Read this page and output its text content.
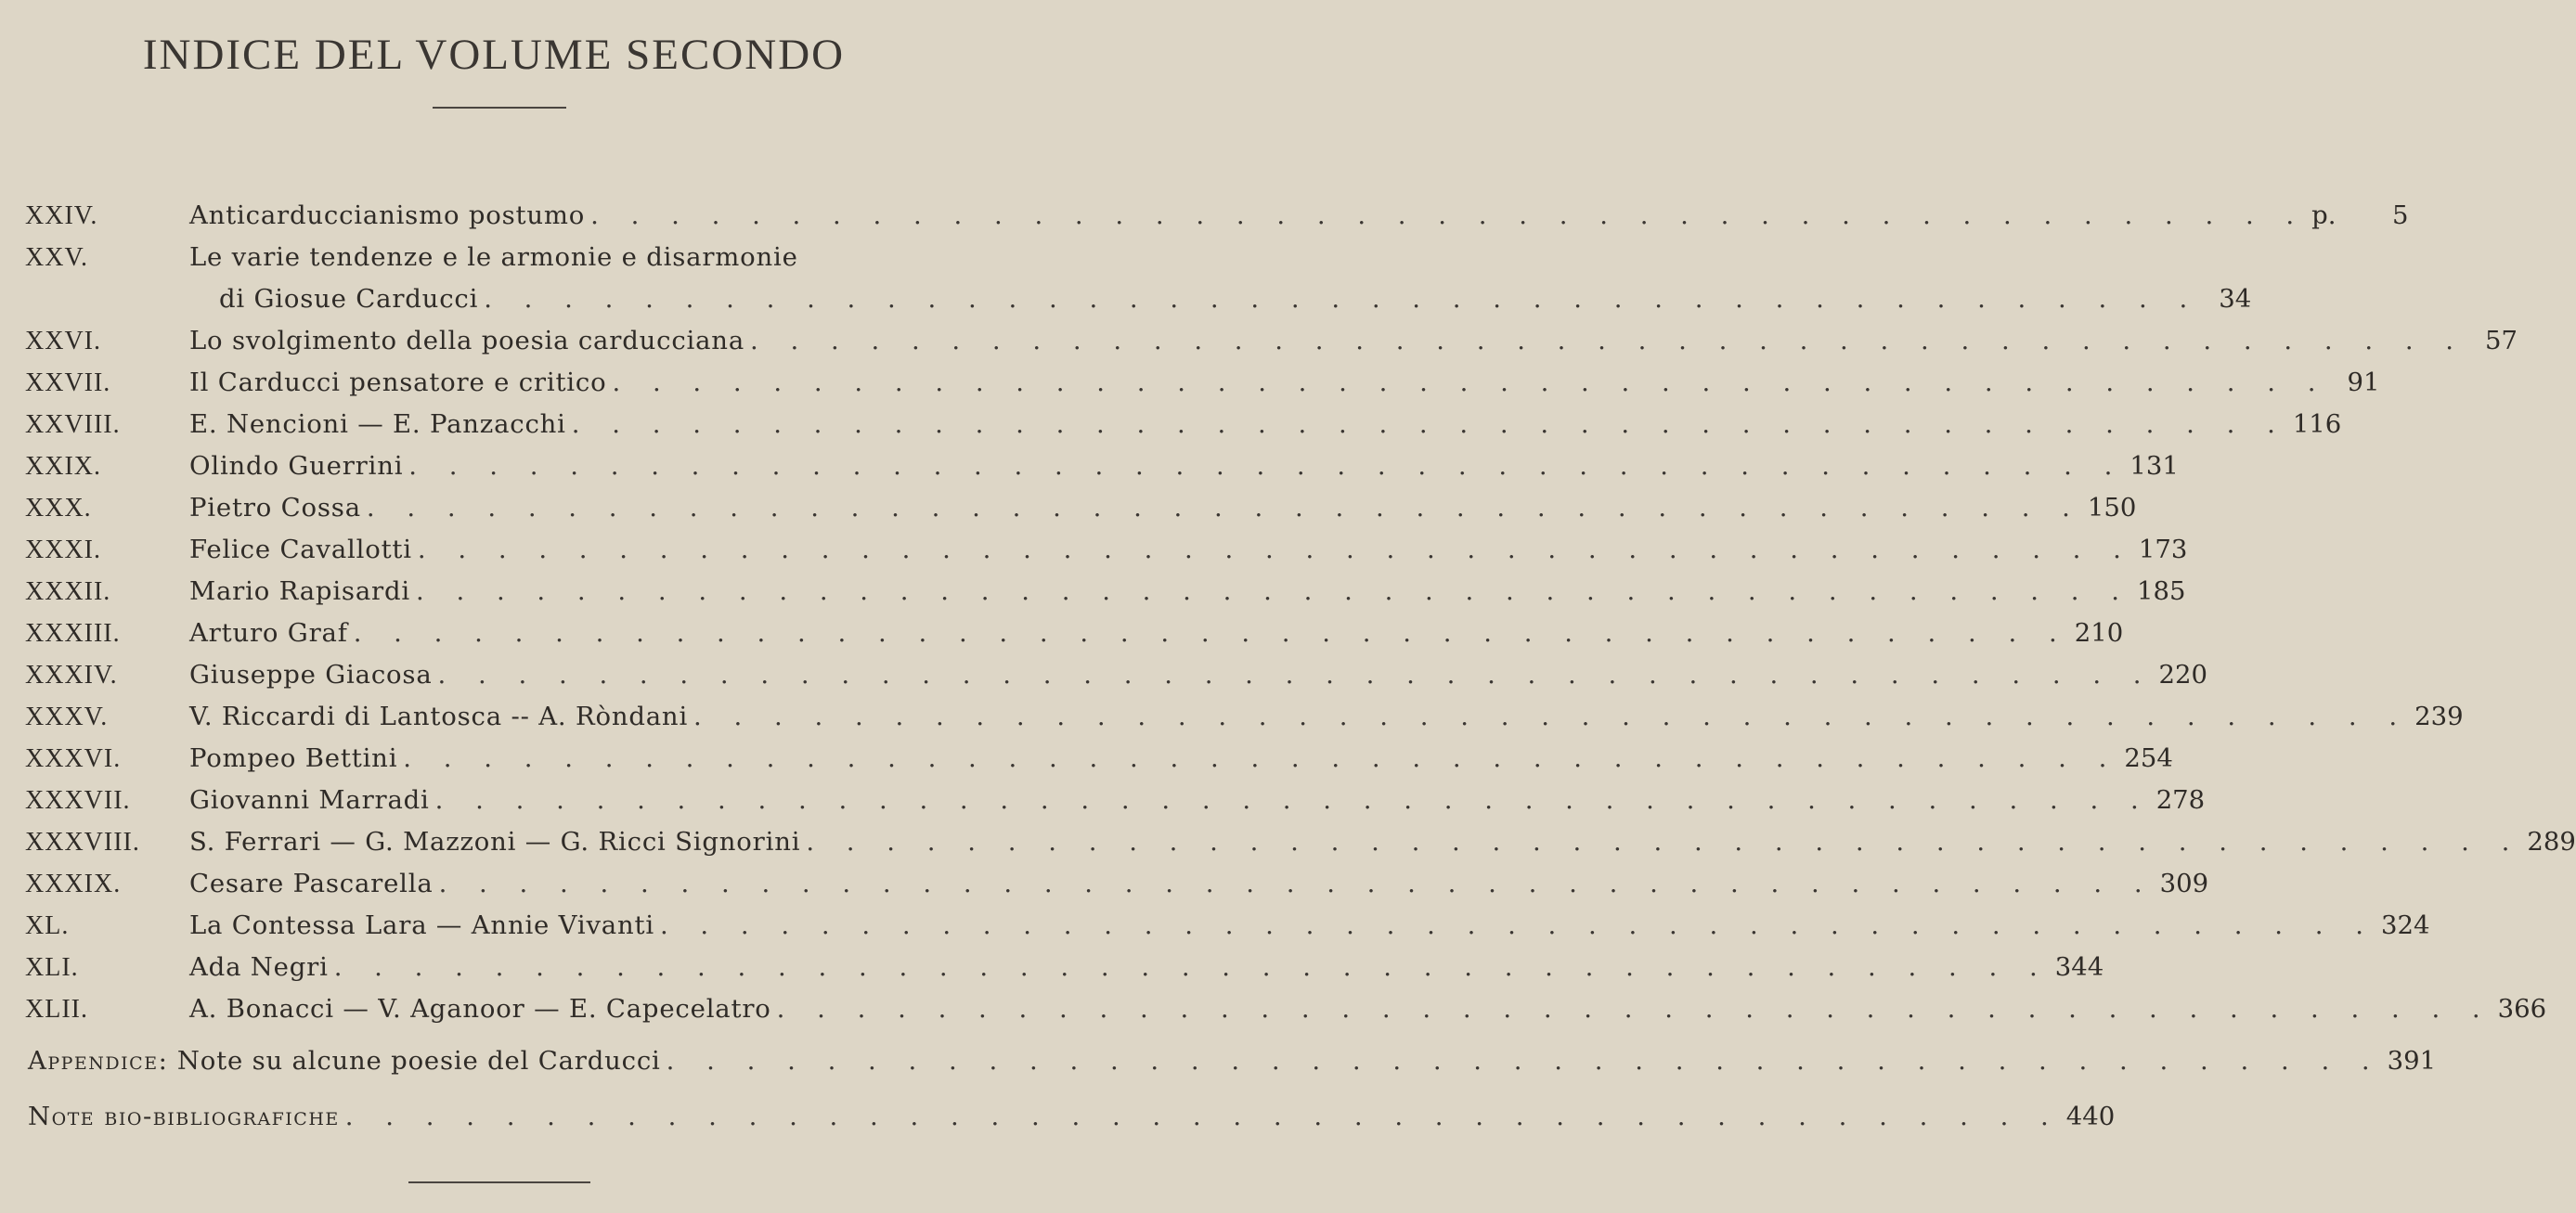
INDICE DEL VOLUME SECONDO
XXIV.	Anticarduccianismo postumo . . . . . . . . . . . . . . . . . . . . . . . . . . . . . . . . . . . . . . . . . . . p.	5
XXV.	Le varie tendenze e le armonie e disarmonie
di Giosue Carducci . . . . . . . . . . . . . . . . . . . . . . . . . . . . . . . . . . . . . . . . . . . 34
XXVI.	Lo svolgimento della poesia carducciana . . . . . . . . . . . . . . . . . . . . . . . . . . . . . . . . . . . . . . . . . . . 57
XXVII.	Il Carducci pensatore e critico . . . . . . . . . . . . . . . . . . . . . . . . . . . . . . . . . . . . . . . . . . . 91
XXVIII.	E. Nencioni — E. Panzacchi . . . . . . . . . . . . . . . . . . . . . . . . . . . . . . . . . . . . . . . . . . . 116
XXIX.	Olindo Guerrini . . . . . . . . . . . . . . . . . . . . . . . . . . . . . . . . . . . . . . . . . . . 131
XXX.	Pietro Cossa . . . . . . . . . . . . . . . . . . . . . . . . . . . . . . . . . . . . . . . . . . . 150
XXXI.	Felice Cavallotti . . . . . . . . . . . . . . . . . . . . . . . . . . . . . . . . . . . . . . . . . . . 173
XXXII.	Mario Rapisardi . . . . . . . . . . . . . . . . . . . . . . . . . . . . . . . . . . . . . . . . . . . 185
XXXIII.	Arturo Graf . . . . . . . . . . . . . . . . . . . . . . . . . . . . . . . . . . . . . . . . . . . 210
XXXIV.	Giuseppe Giacosa . . . . . . . . . . . . . . . . . . . . . . . . . . . . . . . . . . . . . . . . . . . 220
XXXV.	V. Riccardi di Lantosca -- A. Ròndani . . . . . . . . . . . . . . . . . . . . . . . . . . . . . . . . . . . . . . . . . . . 239
XXXVI.	Pompeo Bettini . . . . . . . . . . . . . . . . . . . . . . . . . . . . . . . . . . . . . . . . . . . 254
XXXVII. Giovanni Marradi . . . . . . . . . . . . . . . . . . . . . . . . . . . . . . . . . . . . . . . . . . . 278
XXXVIII. S. Ferrari — G. Mazzoni — G. Ricci Signorini . . . . . . . . . . . . . . . . . . . . . . . . . . . . . . . . . . . . . . . . . . . 289
XXXIX.	Cesare Pascarella . . . . . . . . . . . . . . . . . . . . . . . . . . . . . . . . . . . . . . . . . . . 309
XL.	La Contessa Lara — Annie Vivanti . . . . . . . . . . . . . . . . . . . . . . . . . . . . . . . . . . . . . . . . . . . 324
XLI.	Ada Negri . . . . . . . . . . . . . . . . . . . . . . . . . . . . . . . . . . . . . . . . . . . 344
XLII.	A. Bonacci — V. Aganoor — E. Capecelatro . . . . . . . . . . . . . . . . . . . . . . . . . . . . . . . . . . . . . . . . . . . 366
Appendice: Note su alcune poesie del Carducci . . . . . . . . . . . . . . . . . . . . . . . . . . . . . . . . . . . . . . . . . . . 391
Note bio-bibliografiche . . . . . . . . . . . . . . . . . . . . . . . . . . . . . . . . . . . . . . . . . . . 440
